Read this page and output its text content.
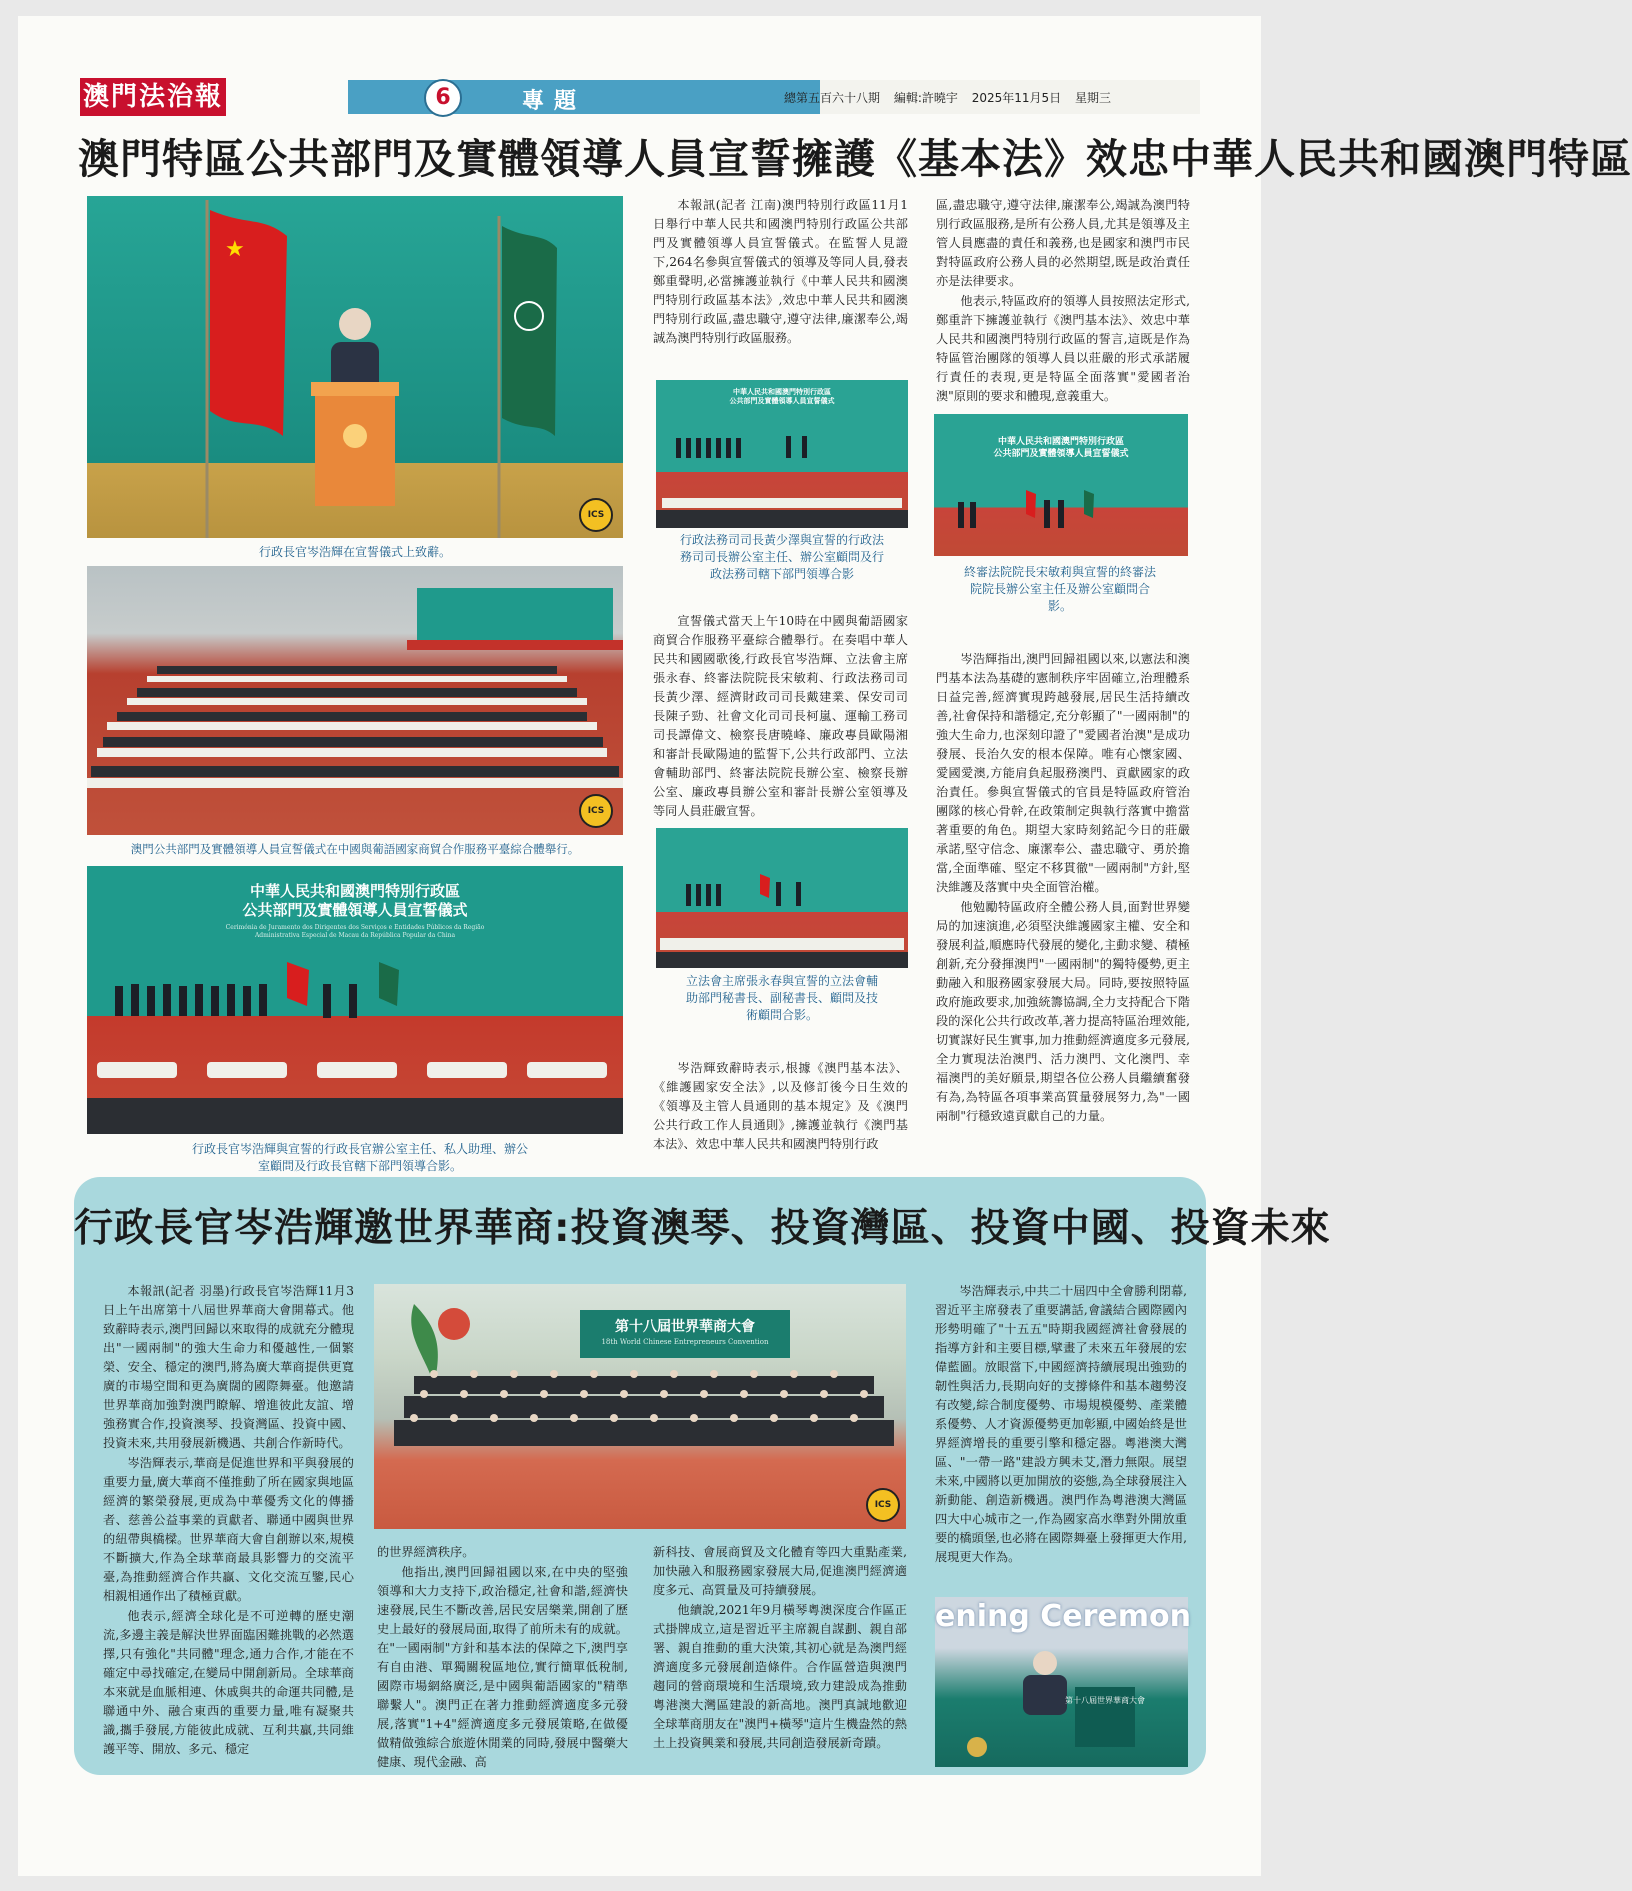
澳門法治報	6	專題	總第五百六十八期 編輯:許曉宇 2025年11月5日 星期三
澳門特區公共部門及實體領導人員宣誓擁護《基本法》效忠中華人民共和國澳門特區
★
ICS
行政長官岑浩輝在宣誓儀式上致辭。
ICS
澳門公共部門及實體領導人員宣誓儀式在中國與葡語國家商貿合作服務平臺綜合體舉行。
中華人民共和國澳門特別行政區
公共部門及實體領導人員宣誓儀式
Cerimónia de Juramento dos Dirigentes dos Serviços e Entidades Públicos da Região Administrativa Especial de Macau da República Popular da China
行政長官岑浩輝與宣誓的行政長官辦公室主任、私人助理、辦公室顧問及行政長官轄下部門領導合影。

本報訊(記者 江南)澳門特別行政區11月1日舉行中華人民共和國澳門特別行政區公共部門及實體領導人員宣誓儀式。在監誓人見證下,264名參與宣誓儀式的領導及等同人員,發表鄭重聲明,必當擁護並執行《中華人民共和國澳門特別行政區基本法》,效忠中華人民共和國澳門特別行政區,盡忠職守,遵守法律,廉潔奉公,竭誠為澳門特別行政區服務。

中華人民共和國澳門特別行政區
公共部門及實體領導人員宣誓儀式
行政法務司司長黃少澤與宣誓的行政法務司司長辦公室主任、辦公室顧問及行政法務司轄下部門領導合影

宣誓儀式當天上午10時在中國與葡語國家商貿合作服務平臺綜合體舉行。在奏唱中華人民共和國國歌後,行政長官岑浩輝、立法會主席張永春、終審法院院長宋敏莉、行政法務司司長黃少澤、經濟財政司司長戴建業、保安司司長陳子勁、社會文化司司長柯嵐、運輸工務司司長譚偉文、檢察長唐曉峰、廉政專員歐陽湘和審計長歐陽迪的監誓下,公共行政部門、立法會輔助部門、終審法院院長辦公室、檢察長辦公室、廉政專員辦公室和審計長辦公室領導及等同人員莊嚴宣誓。

立法會主席張永春與宣誓的立法會輔助部門秘書長、副秘書長、顧問及技術顧問合影。

岑浩輝致辭時表示,根據《澳門基本法》、《維護國家安全法》,以及修訂後今日生效的《領導及主管人員通則的基本規定》及《澳門公共行政工作人員通則》,擁護並執行《澳門基本法》、效忠中華人民共和國澳門特別行政

區,盡忠職守,遵守法律,廉潔奉公,竭誠為澳門特別行政區服務,是所有公務人員,尤其是領導及主管人員應盡的責任和義務,也是國家和澳門市民對特區政府公務人員的必然期望,既是政治責任亦是法律要求。

他表示,特區政府的領導人員按照法定形式,鄭重許下擁護並執行《澳門基本法》、效忠中華人民共和國澳門特別行政區的誓言,這既是作為特區管治團隊的領導人員以莊嚴的形式承諾履行責任的表現,更是特區全面落實"愛國者治澳"原則的要求和體現,意義重大。

中華人民共和國澳門特別行政區
公共部門及實體領導人員宣誓儀式
終審法院院長宋敏莉與宣誓的終審法院院長辦公室主任及辦公室顧問合影。

岑浩輝指出,澳門回歸祖國以來,以憲法和澳門基本法為基礎的憲制秩序牢固確立,治理體系日益完善,經濟實現跨越發展,居民生活持續改善,社會保持和諧穩定,充分彰顯了"一國兩制"的強大生命力,也深刻印證了"愛國者治澳"是成功發展、長治久安的根本保障。唯有心懷家國、愛國愛澳,方能肩負起服務澳門、貢獻國家的政治責任。參與宣誓儀式的官員是特區政府管治團隊的核心骨幹,在政策制定與執行落實中擔當著重要的角色。期望大家時刻銘記今日的莊嚴承諾,堅守信念、廉潔奉公、盡忠職守、勇於擔當,全面準確、堅定不移貫徹"一國兩制"方針,堅決維護及落實中央全面管治權。

他勉勵特區政府全體公務人員,面對世界變局的加速演進,必須堅決維護國家主權、安全和發展利益,順應時代發展的變化,主動求變、積極創新,充分發揮澳門"一國兩制"的獨特優勢,更主動融入和服務國家發展大局。同時,要按照特區政府施政要求,加強統籌協調,全力支持配合下階段的深化公共行政改革,著力提高特區治理效能,切實謀好民生實事,加力推動經濟適度多元發展,全力實現法治澳門、活力澳門、文化澳門、幸福澳門的美好願景,期望各位公務人員繼續奮發有為,為特區各項事業高質量發展努力,為"一國兩制"行穩致遠貢獻自己的力量。

行政長官岑浩輝邀世界華商:投資澳琴、投資灣區、投資中國、投資未來

本報訊(記者 羽墨)行政長官岑浩輝11月3日上午出席第十八屆世界華商大會開幕式。他致辭時表示,澳門回歸以來取得的成就充分體現出"一國兩制"的強大生命力和優越性,一個繁榮、安全、穩定的澳門,將為廣大華商提供更寬廣的市場空間和更為廣闊的國際舞臺。他邀請世界華商加強對澳門瞭解、增進彼此友誼、增強務實合作,投資澳琴、投資灣區、投資中國、投資未來,共用發展新機遇、共創合作新時代。

岑浩輝表示,華商是促進世界和平與發展的重要力量,廣大華商不僅推動了所在國家與地區經濟的繁榮發展,更成為中華優秀文化的傳播者、慈善公益事業的貢獻者、聯通中國與世界的紐帶與橋樑。世界華商大會自創辦以來,規模不斷擴大,作為全球華商最具影響力的交流平臺,為推動經濟合作共贏、文化交流互鑒,民心相親相通作出了積極貢獻。

他表示,經濟全球化是不可逆轉的歷史潮流,多邊主義是解決世界面臨困難挑戰的必然選擇,只有強化"共同體"理念,通力合作,才能在不確定中尋找確定,在變局中開創新局。全球華商本來就是血脈相連、休戚與共的命運共同體,是聯通中外、融合東西的重要力量,唯有凝聚共識,攜手發展,方能彼此成就、互利共贏,共同維護平等、開放、多元、穩定

第十八屆世界華商大會
18th World Chinese Entrepreneurs Convention
ICS

的世界經濟秩序。

他指出,澳門回歸祖國以來,在中央的堅強領導和大力支持下,政治穩定,社會和諧,經濟快速發展,民生不斷改善,居民安居樂業,開創了歷史上最好的發展局面,取得了前所未有的成就。在"一國兩制"方針和基本法的保障之下,澳門享有自由港、單獨關稅區地位,實行簡單低稅制,國際市場網絡廣泛,是中國與葡語國家的"精準聯繫人"。澳門正在著力推動經濟適度多元發展,落實"1+4"經濟適度多元發展策略,在做優做精做強綜合旅遊休閒業的同時,發展中醫藥大健康、現代金融、高

新科技、會展商貿及文化體育等四大重點產業,加快融入和服務國家發展大局,促進澳門經濟適度多元、高質量及可持續發展。

他續說,2021年9月橫琴粵澳深度合作區正式掛牌成立,這是習近平主席親自謀劃、親自部署、親自推動的重大決策,其初心就是為澳門經濟適度多元發展創造條件。合作區營造與澳門趨同的營商環境和生活環境,致力建設成為推動粵港澳大灣區建設的新高地。澳門真誠地歡迎全球華商朋友在"澳門+橫琴"這片生機盎然的熱土上投資興業和發展,共同創造發展新奇蹟。

岑浩輝表示,中共二十屆四中全會勝利閉幕,習近平主席發表了重要講話,會議結合國際國內形勢明確了"十五五"時期我國經濟社會發展的指導方針和主要目標,擘畫了未來五年發展的宏偉藍圖。放眼當下,中國經濟持續展現出強勁的韌性與活力,長期向好的支撐條件和基本趨勢沒有改變,綜合制度優勢、市場規模優勢、產業體系優勢、人才資源優勢更加彰顯,中國始終是世界經濟增長的重要引擎和穩定器。粵港澳大灣區、"一帶一路"建設方興未艾,潛力無限。展望未來,中國將以更加開放的姿態,為全球發展注入新動能、創造新機遇。澳門作為粵港澳大灣區四大中心城市之一,作為國家高水準對外開放重要的橋頭堡,也必將在國際舞臺上發揮更大作用,展現更大作為。

ening Ceremon
第十八屆世界華商大會
